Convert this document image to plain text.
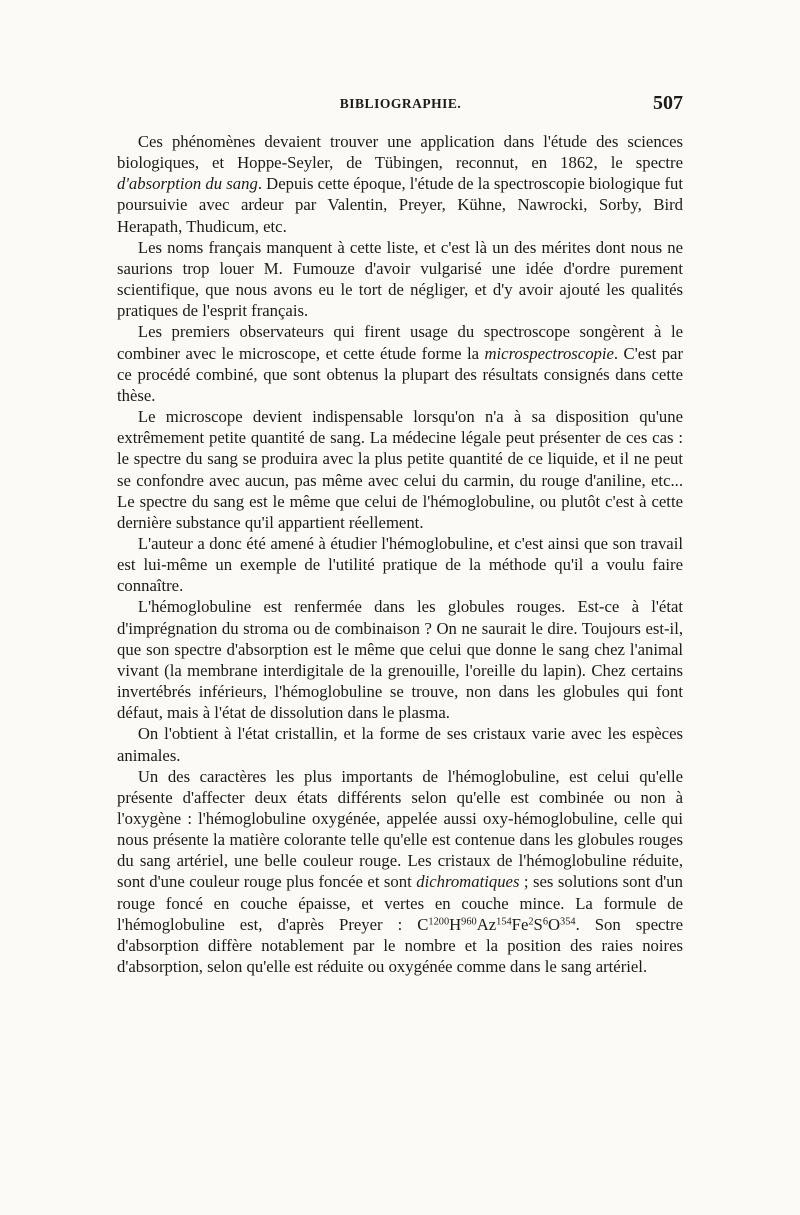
BIBLIOGRAPHIE.	507

Ces phénomènes devaient trouver une application dans l'étude des sciences biologiques, et Hoppe-Seyler, de Tübingen, reconnut, en 1862, le spectre d'absorption du sang. Depuis cette époque, l'étude de la spectroscopie biologique fut poursuivie avec ardeur par Valentin, Preyer, Kühne, Nawrocki, Sorby, Bird Herapath, Thudicum, etc.

Les noms français manquent à cette liste, et c'est là un des mérites dont nous ne saurions trop louer M. Fumouze d'avoir vulgarisé une idée d'ordre purement scientifique, que nous avons eu le tort de négliger, et d'y avoir ajouté les qualités pratiques de l'esprit français.

Les premiers observateurs qui firent usage du spectroscope songèrent à le combiner avec le microscope, et cette étude forme la microspectroscopie. C'est par ce procédé combiné, que sont obtenus la plupart des résultats consignés dans cette thèse.

Le microscope devient indispensable lorsqu'on n'a à sa disposition qu'une extrêmement petite quantité de sang. La médecine légale peut présenter de ces cas : le spectre du sang se produira avec la plus petite quantité de ce liquide, et il ne peut se confondre avec aucun, pas même avec celui du carmin, du rouge d'aniline, etc... Le spectre du sang est le même que celui de l'hémoglobuline, ou plutôt c'est à cette dernière substance qu'il appartient réellement.

L'auteur a donc été amené à étudier l'hémoglobuline, et c'est ainsi que son travail est lui-même un exemple de l'utilité pratique de la méthode qu'il a voulu faire connaître.

L'hémoglobuline est renfermée dans les globules rouges. Est-ce à l'état d'imprégnation du stroma ou de combinaison ? On ne saurait le dire. Toujours est-il, que son spectre d'absorption est le même que celui que donne le sang chez l'animal vivant (la membrane interdigitale de la grenouille, l'oreille du lapin). Chez certains invertébrés inférieurs, l'hémoglobuline se trouve, non dans les globules qui font défaut, mais à l'état de dissolution dans le plasma.

On l'obtient à l'état cristallin, et la forme de ses cristaux varie avec les espèces animales.

Un des caractères les plus importants de l'hémoglobuline, est celui qu'elle présente d'affecter deux états différents selon qu'elle est combinée ou non à l'oxygène : l'hémoglobuline oxygénée, appelée aussi oxy-hémoglobuline, celle qui nous présente la matière colorante telle qu'elle est contenue dans les globules rouges du sang artériel, une belle couleur rouge. Les cristaux de l'hémoglobuline réduite, sont d'une couleur rouge plus foncée et sont dichromatiques ; ses solutions sont d'un rouge foncé en couche épaisse, et vertes en couche mince. La formule de l'hémoglobuline est, d'après Preyer : $C^{1200}H^{960}Az^{154}Fe^2S^6O^{354}$. Son spectre d'absorption diffère notablement par le nombre et la position des raies noires d'absorption, selon qu'elle est réduite ou oxygénée comme dans le sang artériel.
